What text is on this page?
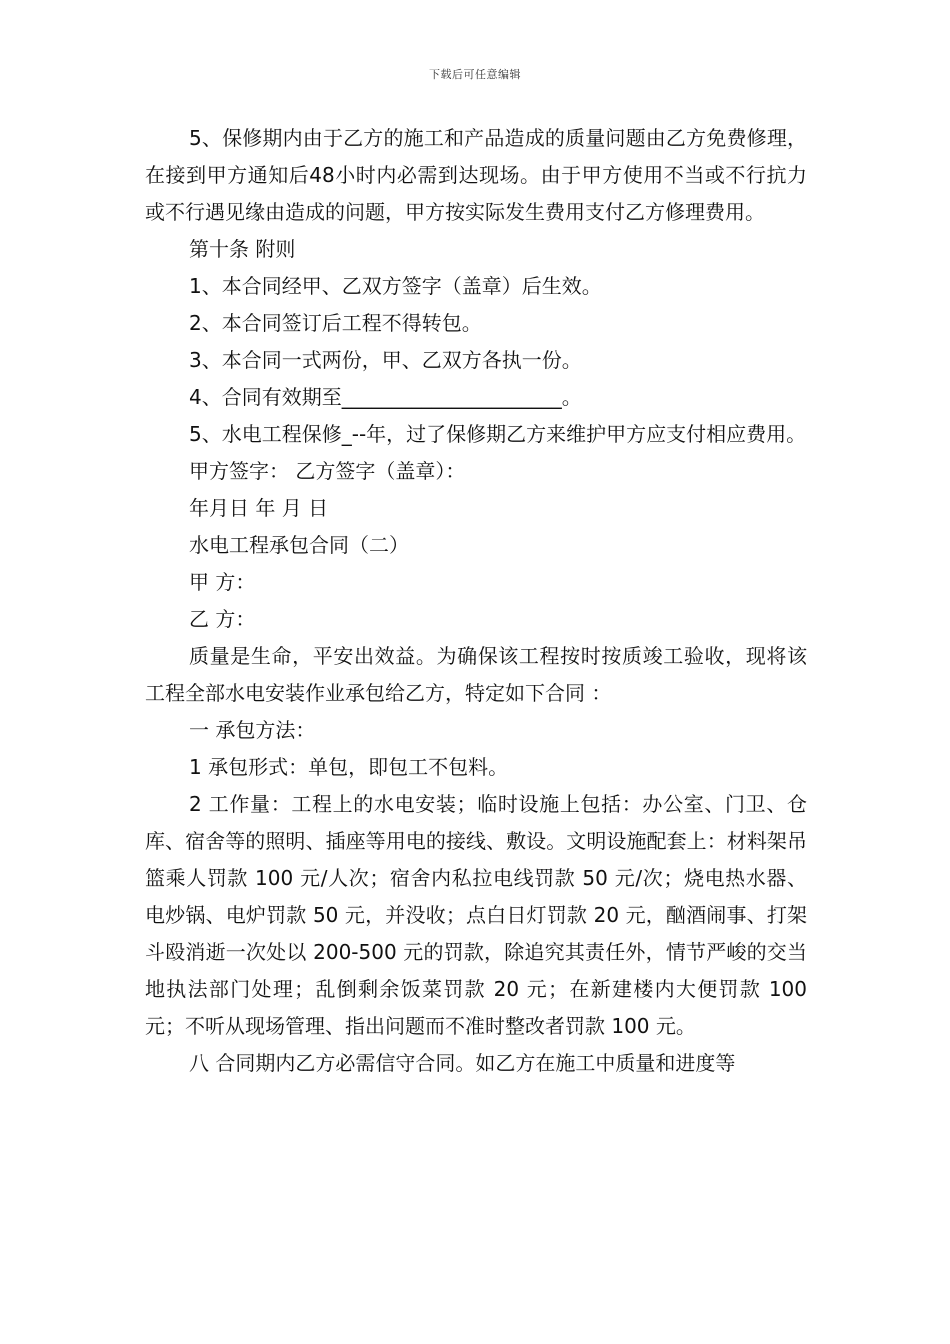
下载后可任意编辑

5、保修期内由于乙方的施工和产品造成的质量问题由乙方免费修理，在接到甲方通知后48小时内必需到达现场。由于甲方使用不当或不行抗力或不行遇见缘由造成的问题，甲方按实际发生费用支付乙方修理费用。

第十条 附则

1、本合同经甲、乙双方签字（盖章）后生效。

2、本合同签订后工程不得转包。

3、本合同一式两份，甲、乙双方各执一份。

4、合同有效期至______________________。

5、水电工程保修_--年，过了保修期乙方来维护甲方应支付相应费用。

甲方签字： 乙方签字（盖章）：

年月日 年 月 日

水电工程承包合同（二）

甲 方：

乙 方：

质量是生命，平安出效益。为确保该工程按时按质竣工验收，现将该工程全部水电安装作业承包给乙方，特定如下合同 ：

一 承包方法：

1 承包形式：单包，即包工不包料。

2 工作量：工程上的水电安装；临时设施上包括：办公室、门卫、仓库、宿舍等的照明、插座等用电的接线、敷设。文明设施配套上：材料架吊篮乘人罚款 100 元/人次；宿舍内私拉电线罚款 50 元/次；烧电热水器、电炒锅、电炉罚款 50 元，并没收；点白日灯罚款 20 元，酗酒闹事、打架斗殴消逝一次处以 200-500 元的罚款，除追究其责任外，情节严峻的交当地执法部门处理；乱倒剩余饭菜罚款 20 元；在新建楼内大便罚款 100 元；不听从现场管理、指出问题而不准时整改者罚款 100 元。

八 合同期内乙方必需信守合同。如乙方在施工中质量和进度等
